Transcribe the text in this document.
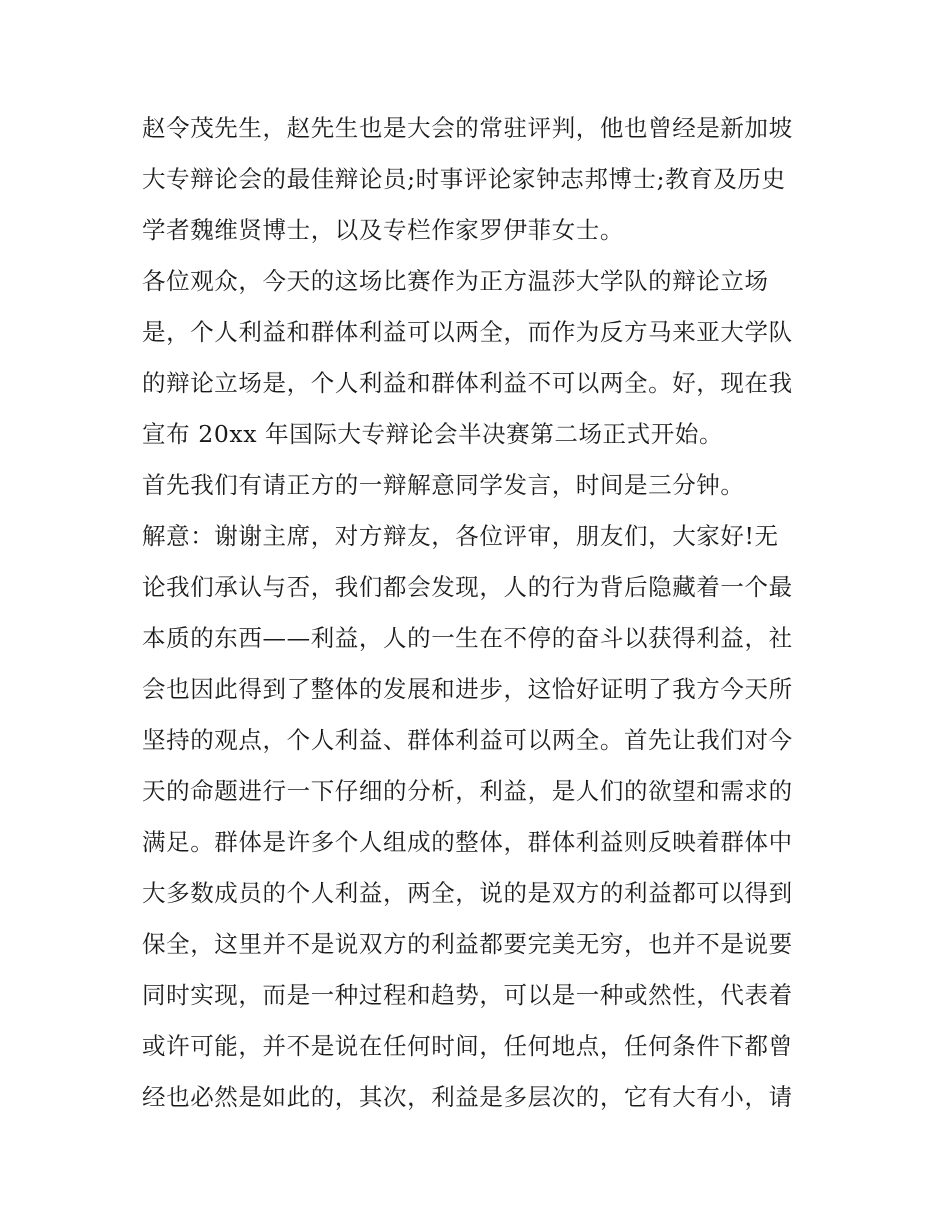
赵令茂先生，赵先生也是大会的常驻评判，他也曾经是新加坡
大专辩论会的最佳辩论员;时事评论家钟志邦博士;教育及历史
学者魏维贤博士，以及专栏作家罗伊菲女士。
各位观众，今天的这场比赛作为正方温莎大学队的辩论立场
是，个人利益和群体利益可以两全，而作为反方马来亚大学队
的辩论立场是，个人利益和群体利益不可以两全。好，现在我
宣布 20xx 年国际大专辩论会半决赛第二场正式开始。
首先我们有请正方的一辩解意同学发言，时间是三分钟。
解意：谢谢主席，对方辩友，各位评审，朋友们，大家好!无
论我们承认与否，我们都会发现，人的行为背后隐藏着一个最
本质的东西——利益，人的一生在不停的奋斗以获得利益，社
会也因此得到了整体的发展和进步，这恰好证明了我方今天所
坚持的观点，个人利益、群体利益可以两全。首先让我们对今
天的命题进行一下仔细的分析，利益，是人们的欲望和需求的
满足。群体是许多个人组成的整体，群体利益则反映着群体中
大多数成员的个人利益，两全，说的是双方的利益都可以得到
保全，这里并不是说双方的利益都要完美无穷，也并不是说要
同时实现，而是一种过程和趋势，可以是一种或然性，代表着
或许可能，并不是说在任何时间，任何地点，任何条件下都曾
经也必然是如此的，其次，利益是多层次的，它有大有小，请
